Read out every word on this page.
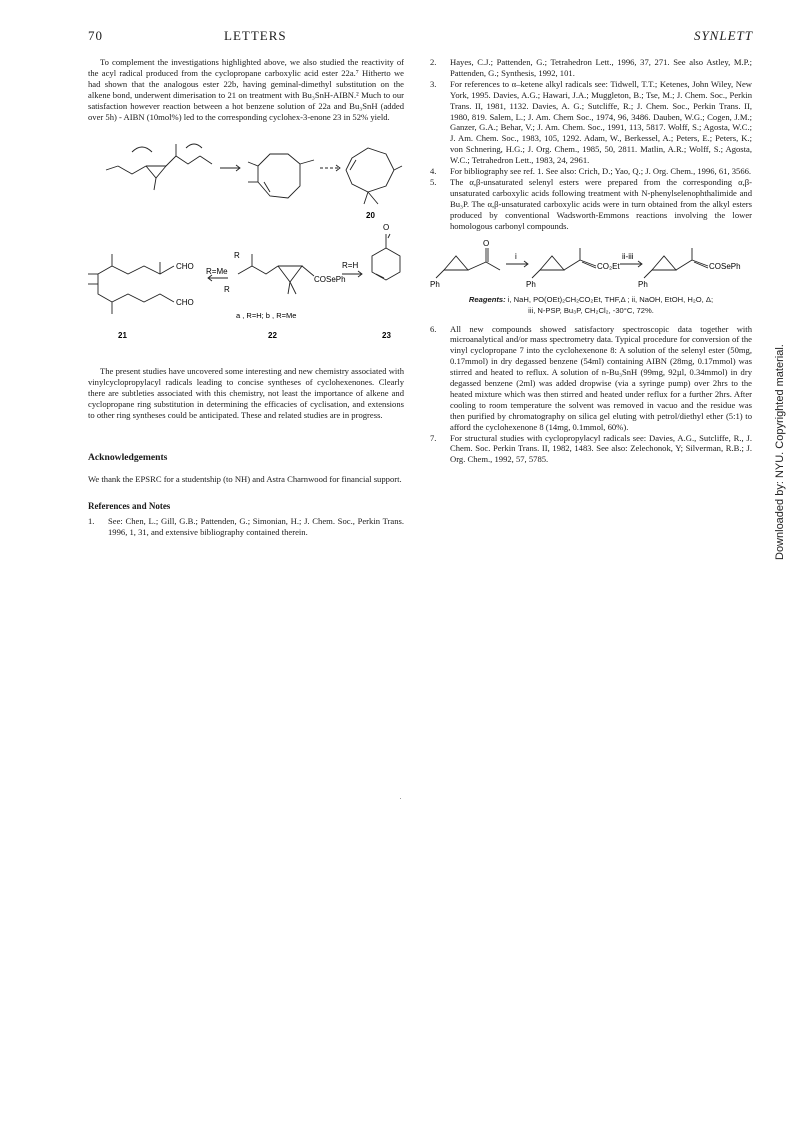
70	LETTERS	SYNLETT

To complement the investigations highlighted above, we also studied the reactivity of the acyl radical produced from the cyclopropane carboxylic acid ester 22a.⁷ Hitherto we had shown that the analogous ester 22b, having geminal-dimethyl substitution on the alkene bond, underwent dimerisation to 21 on treatment with Bu₃SnH-AIBN.² Much to our satisfaction however reaction between a hot benzene solution of 22a and Bu₃SnH (added over 5h) - AIBN (10mol%) led to the corresponding cyclohex-3-enone 23 in 52% yield.

20
O
CHO
CHO
R=Me
R
R
COSePh
R=H
a , R=H; b , R=Me
21	22	23

The present studies have uncovered some interesting and new chemistry associated with vinylcyclopropylacyl radicals leading to concise syntheses of cyclohexenones. Clearly there are subtleties associated with this chemistry, not least the importance of alkene and cyclopropane ring substitution in determining the efficacies of cyclisation, and extensions to other ring syntheses could be anticipated. These and related studies are in progress.

Acknowledgements

We thank the EPSRC for a studentship (to NH) and Astra Charnwood for financial support.

References and Notes

1.	See: Chen, L.; Gill, G.B.; Pattenden, G.; Simonian, H.; J. Chem. Soc., Perkin Trans. 1996, 1, 31, and extensive bibliography contained therein.
2.	Hayes, C.J.; Pattenden, G.; Tetrahedron Lett., 1996, 37, 271. See also Astley, M.P.; Pattenden, G.; Synthesis, 1992, 101.
3.	For references to α–ketene alkyl radicals see: Tidwell, T.T.; Ketenes, John Wiley, New York, 1995. Davies, A.G.; Hawari, J.A.; Muggleton, B.; Tse, M.; J. Chem. Soc., Perkin Trans. II, 1981, 1132. Davies, A. G.; Sutcliffe, R.; J. Chem. Soc., Perkin Trans. II, 1980, 819. Salem, L.; J. Am. Chem Soc., 1974, 96, 3486. Dauben, W.G.; Cogen, J.M.; Ganzer, G.A.; Behar, V.; J. Am. Chem. Soc., 1991, 113, 5817. Wolff, S.; Agosta, W.C.; J. Am. Chem. Soc., 1983, 105, 1292. Adam, W., Berkessel, A.; Peters, E.; Peters, K.; von Schnering, H.G.; J. Org. Chem., 1985, 50, 2811. Matlin, A.R.; Wolff, S.; Agosta, W.C.; Tetrahedron Lett., 1983, 24, 2961.
4.	For bibliography see ref. 1. See also: Crich, D.; Yao, Q.; J. Org. Chem., 1996, 61, 3566.
5.	The α,β-unsaturated selenyl esters were prepared from the corresponding α,β-unsaturated carboxylic acids following treatment with N-phenylselenophthalimide and Bu₃P. The α,β-unsaturated carboxylic acids were in turn obtained from the alkyl esters produced by conventional Wadsworth-Emmons reactions involving the lower homologous carbonyl compounds.
O
i	ii-iii
CO₂Et	COSePh
Ph	Ph	Ph
Reagents: i, NaH, PO(OEt)₂CH₂CO₂Et, THF,Δ ; ii, NaOH, EtOH, H₂O, Δ;
iii, N-PSP, Bu₃P, CH₂Cl₂, -30°C, 72%.
6.	All new compounds showed satisfactory spectroscopic data together with microanalytical and/or mass spectrometry data. Typical procedure for conversion of the vinyl cyclopropane 7 into the cyclohexenone 8: A solution of the selenyl ester (50mg, 0.17mmol) in dry degassed benzene (54ml) containing AIBN (28mg, 0.17mmol) was stirred and heated to reflux. A solution of n-Bu₃SnH (99mg, 92µl, 0.34mmol) in dry degassed benzene (2ml) was added dropwise (via a syringe pump) over 2hrs to the heated mixture which was then stirred and heated under reflux for a further 2hrs. After cooling to room temperature the solvent was removed in vacuo and the residue was then purified by chromatography on silica gel eluting with petrol/diethyl ether (5:1) to afford the cyclohexenone 8 (14mg, 0.1mmol, 60%).
7.	For structural studies with cyclopropylacyl radicals see: Davies, A.G., Sutcliffe, R., J. Chem. Soc. Perkin Trans. II, 1982, 1483. See also: Zelechonok, Y; Silverman, R.B.; J. Org. Chem., 1992, 57, 5785.	Downloaded by: NYU. Copyrighted material.
